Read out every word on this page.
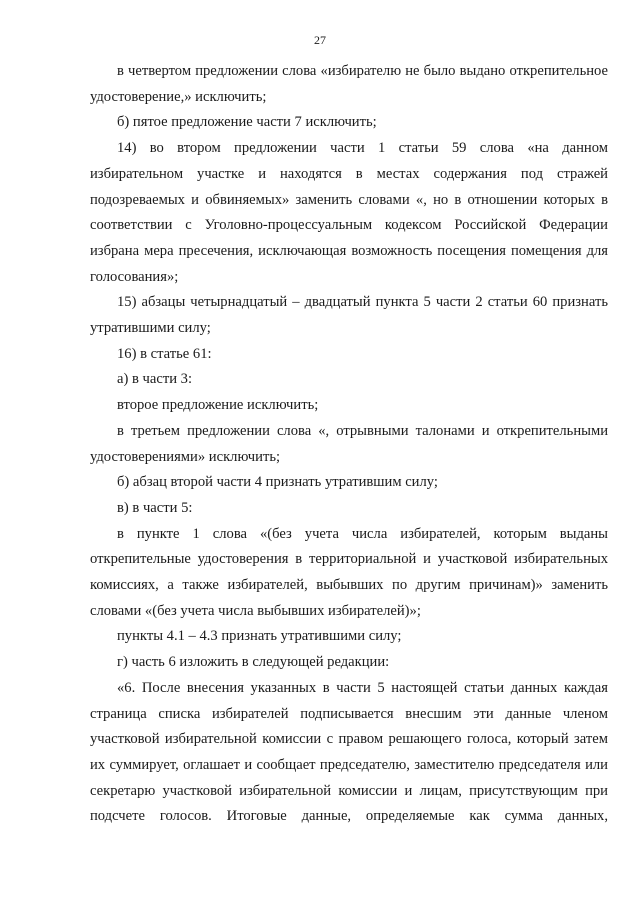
27

в четвертом предложении слова «избирателю не было выдано открепительное удостоверение,» исключить;

б) пятое предложение части 7 исключить;

14) во втором предложении части 1 статьи 59 слова «на данном избирательном участке и находятся в местах содержания под стражей подозреваемых и обвиняемых» заменить словами «, но в отношении которых в соответствии с Уголовно-процессуальным кодексом Российской Федерации избрана мера пресечения, исключающая возможность посещения помещения для голосования»;

15) абзацы четырнадцатый – двадцатый пункта 5 части 2 статьи 60 признать утратившими силу;

16) в статье 61:

а) в части 3:

второе предложение исключить;

в третьем предложении слова «, отрывными талонами и открепительными удостоверениями» исключить;

б) абзац второй части 4 признать утратившим силу;

в) в части 5:

в пункте 1 слова «(без учета числа избирателей, которым выданы открепительные удостоверения в территориальной и участковой избирательных комиссиях, а также избирателей, выбывших по другим причинам)» заменить словами «(без учета числа выбывших избирателей)»;

пункты 4.1 – 4.3 признать утратившими силу;

г) часть 6 изложить в следующей редакции:

«6. После внесения указанных в части 5 настоящей статьи данных каждая страница списка избирателей подписывается внесшим эти данные членом участковой избирательной комиссии с правом решающего голоса, который затем их суммирует, оглашает и сообщает председателю, заместителю председателя или секретарю участковой избирательной комиссии и лицам, присутствующим при подсчете голосов. Итоговые данные, определяемые как сумма данных,
